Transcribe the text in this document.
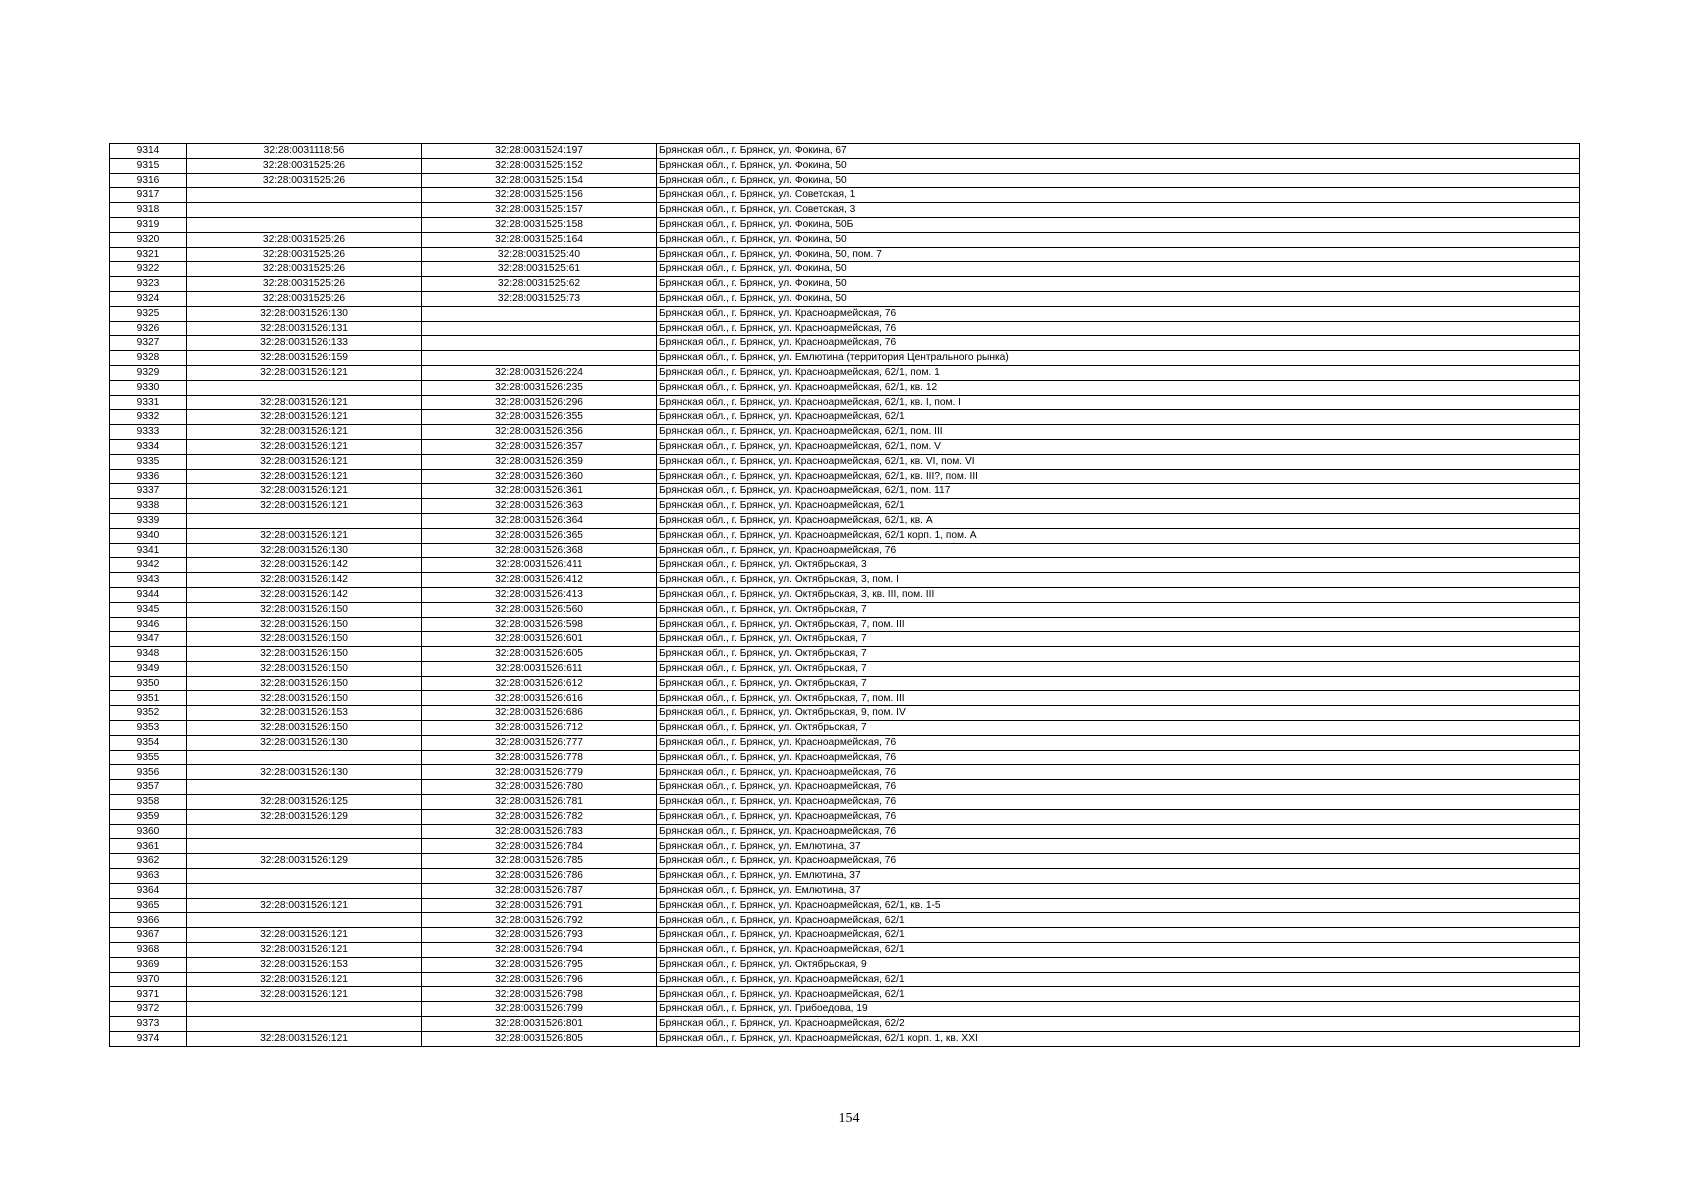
9314	32:28:0031118:56	32:28:0031524:197	Брянская обл., г. Брянск, ул. Фокина, 67
9315	32:28:0031525:26	32:28:0031525:152	Брянская обл., г. Брянск, ул. Фокина, 50
9316	32:28:0031525:26	32:28:0031525:154	Брянская обл., г. Брянск, ул. Фокина, 50
9317		32:28:0031525:156	Брянская обл., г. Брянск, ул. Советская, 1
9318		32:28:0031525:157	Брянская обл., г. Брянск, ул. Советская, 3
9319		32:28:0031525:158	Брянская обл., г. Брянск, ул. Фокина, 50Б
9320	32:28:0031525:26	32:28:0031525:164	Брянская обл., г. Брянск, ул. Фокина, 50
9321	32:28:0031525:26	32:28:0031525:40	Брянская обл., г. Брянск, ул. Фокина, 50, пом. 7
9322	32:28:0031525:26	32:28:0031525:61	Брянская обл., г. Брянск, ул. Фокина, 50
9323	32:28:0031525:26	32:28:0031525:62	Брянская обл., г. Брянск, ул. Фокина, 50
9324	32:28:0031525:26	32:28:0031525:73	Брянская обл., г. Брянск, ул. Фокина, 50
9325	32:28:0031526:130		Брянская обл., г. Брянск, ул. Красноармейская, 76
9326	32:28:0031526:131		Брянская обл., г. Брянск, ул. Красноармейская, 76
9327	32:28:0031526:133		Брянская обл., г. Брянск, ул. Красноармейская, 76
9328	32:28:0031526:159		Брянская обл., г. Брянск, ул. Емлютина (территория Центрального рынка)
9329	32:28:0031526:121	32:28:0031526:224	Брянская обл., г. Брянск, ул. Красноармейская, 62/1, пом. 1
9330		32:28:0031526:235	Брянская обл., г. Брянск, ул. Красноармейская, 62/1, кв. 12
9331	32:28:0031526:121	32:28:0031526:296	Брянская обл., г. Брянск, ул. Красноармейская, 62/1, кв. I, пом. I
9332	32:28:0031526:121	32:28:0031526:355	Брянская обл., г. Брянск, ул. Красноармейская, 62/1
9333	32:28:0031526:121	32:28:0031526:356	Брянская обл., г. Брянск, ул. Красноармейская, 62/1, пом. III
9334	32:28:0031526:121	32:28:0031526:357	Брянская обл., г. Брянск, ул. Красноармейская, 62/1, пом. V
9335	32:28:0031526:121	32:28:0031526:359	Брянская обл., г. Брянск, ул. Красноармейская, 62/1, кв. VI, пом. VI
9336	32:28:0031526:121	32:28:0031526:360	Брянская обл., г. Брянск, ул. Красноармейская, 62/1, кв. III?, пом. III
9337	32:28:0031526:121	32:28:0031526:361	Брянская обл., г. Брянск, ул. Красноармейская, 62/1, пом. 117
9338	32:28:0031526:121	32:28:0031526:363	Брянская обл., г. Брянск, ул. Красноармейская, 62/1
9339		32:28:0031526:364	Брянская обл., г. Брянск, ул. Красноармейская, 62/1, кв. А
9340	32:28:0031526:121	32:28:0031526:365	Брянская обл., г. Брянск, ул. Красноармейская, 62/1 корп. 1, пом. А
9341	32:28:0031526:130	32:28:0031526:368	Брянская обл., г. Брянск, ул. Красноармейская, 76
9342	32:28:0031526:142	32:28:0031526:411	Брянская обл., г. Брянск, ул. Октябрьская, 3
9343	32:28:0031526:142	32:28:0031526:412	Брянская обл., г. Брянск, ул. Октябрьская, 3, пом. I
9344	32:28:0031526:142	32:28:0031526:413	Брянская обл., г. Брянск, ул. Октябрьская, 3, кв. III, пом. III
9345	32:28:0031526:150	32:28:0031526:560	Брянская обл., г. Брянск, ул. Октябрьская, 7
9346	32:28:0031526:150	32:28:0031526:598	Брянская обл., г. Брянск, ул. Октябрьская, 7, пом. III
9347	32:28:0031526:150	32:28:0031526:601	Брянская обл., г. Брянск, ул. Октябрьская, 7
9348	32:28:0031526:150	32:28:0031526:605	Брянская обл., г. Брянск, ул. Октябрьская, 7
9349	32:28:0031526:150	32:28:0031526:611	Брянская обл., г. Брянск, ул. Октябрьская, 7
9350	32:28:0031526:150	32:28:0031526:612	Брянская обл., г. Брянск, ул. Октябрьская, 7
9351	32:28:0031526:150	32:28:0031526:616	Брянская обл., г. Брянск, ул. Октябрьская, 7, пом. III
9352	32:28:0031526:153	32:28:0031526:686	Брянская обл., г. Брянск, ул. Октябрьская, 9, пом. IV
9353	32:28:0031526:150	32:28:0031526:712	Брянская обл., г. Брянск, ул. Октябрьская, 7
9354	32:28:0031526:130	32:28:0031526:777	Брянская обл., г. Брянск, ул. Красноармейская, 76
9355		32:28:0031526:778	Брянская обл., г. Брянск, ул. Красноармейская, 76
9356	32:28:0031526:130	32:28:0031526:779	Брянская обл., г. Брянск, ул. Красноармейская, 76
9357		32:28:0031526:780	Брянская обл., г. Брянск, ул. Красноармейская, 76
9358	32:28:0031526:125	32:28:0031526:781	Брянская обл., г. Брянск, ул. Красноармейская, 76
9359	32:28:0031526:129	32:28:0031526:782	Брянская обл., г. Брянск, ул. Красноармейская, 76
9360		32:28:0031526:783	Брянская обл., г. Брянск, ул. Красноармейская, 76
9361		32:28:0031526:784	Брянская обл., г. Брянск, ул. Емлютина, 37
9362	32:28:0031526:129	32:28:0031526:785	Брянская обл., г. Брянск, ул. Красноармейская, 76
9363		32:28:0031526:786	Брянская обл., г. Брянск, ул. Емлютина, 37
9364		32:28:0031526:787	Брянская обл., г. Брянск, ул. Емлютина, 37
9365	32:28:0031526:121	32:28:0031526:791	Брянская обл., г. Брянск, ул. Красноармейская, 62/1, кв. 1-5
9366		32:28:0031526:792	Брянская обл., г. Брянск, ул. Красноармейская, 62/1
9367	32:28:0031526:121	32:28:0031526:793	Брянская обл., г. Брянск, ул. Красноармейская, 62/1
9368	32:28:0031526:121	32:28:0031526:794	Брянская обл., г. Брянск, ул. Красноармейская, 62/1
9369	32:28:0031526:153	32:28:0031526:795	Брянская обл., г. Брянск, ул. Октябрьская, 9
9370	32:28:0031526:121	32:28:0031526:796	Брянская обл., г. Брянск, ул. Красноармейская, 62/1
9371	32:28:0031526:121	32:28:0031526:798	Брянская обл., г. Брянск, ул. Красноармейская, 62/1
9372		32:28:0031526:799	Брянская обл., г. Брянск, ул. Грибоедова, 19
9373		32:28:0031526:801	Брянская обл., г. Брянск, ул. Красноармейская, 62/2
9374	32:28:0031526:121	32:28:0031526:805	Брянская обл., г. Брянск, ул. Красноармейская, 62/1 корп. 1, кв. XXI
154
